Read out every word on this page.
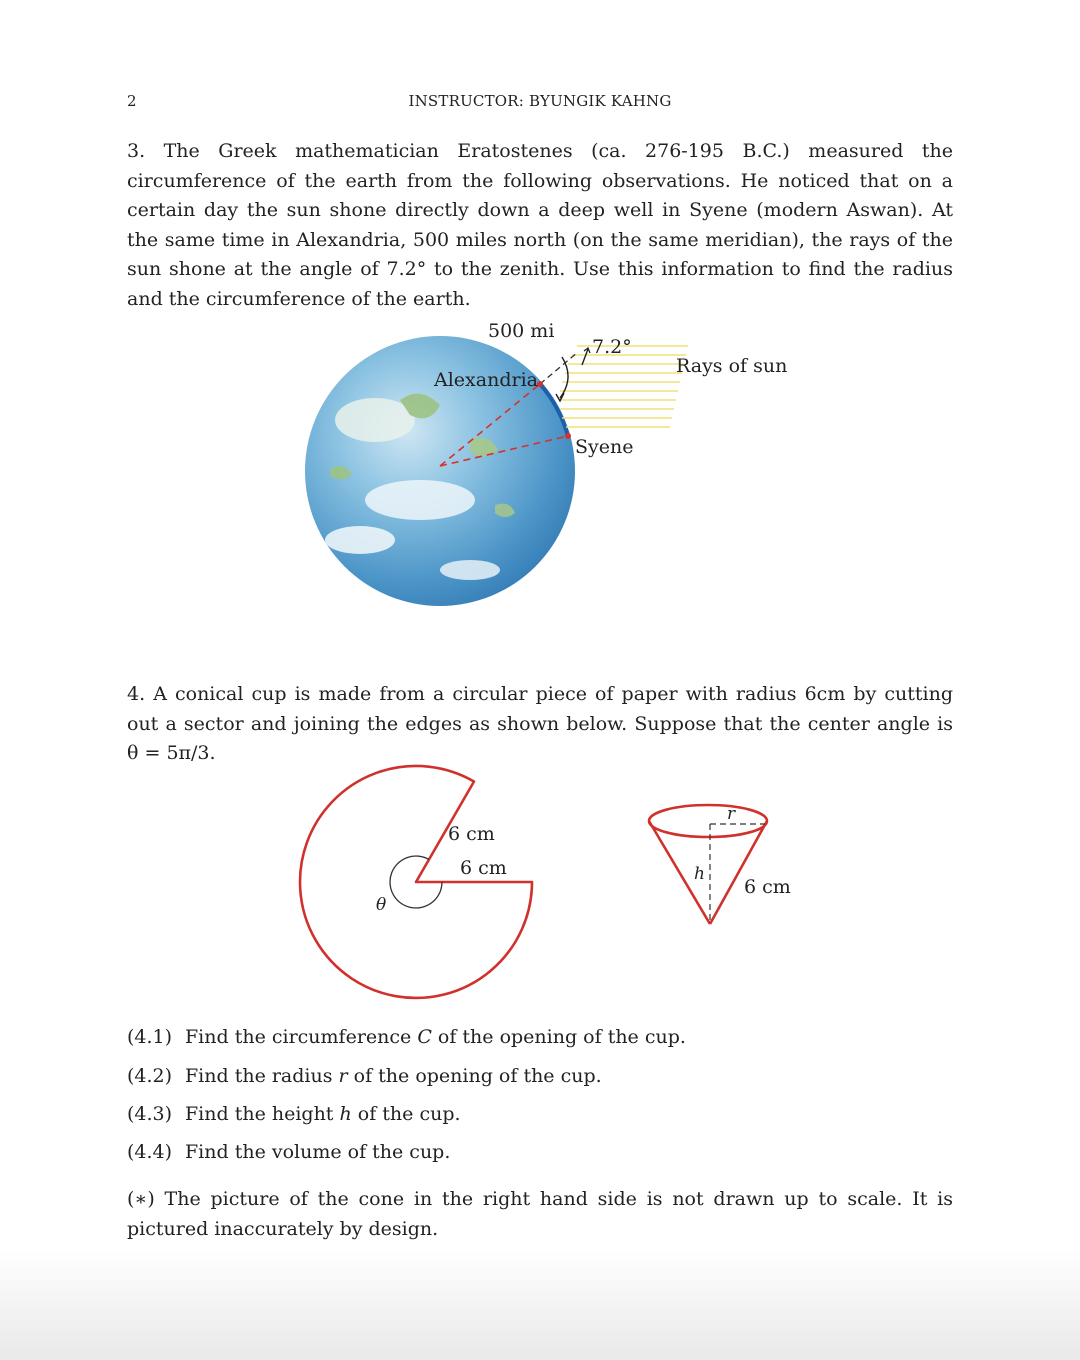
2	INSTRUCTOR: BYUNGIK KAHNG

3. The Greek mathematician Eratostenes (ca. 276-195 B.C.) measured the circumference of the earth from the following observations. He noticed that on a certain day the sun shone directly down a deep well in Syene (modern Aswan). At the same time in Alexandria, 500 miles north (on the same meridian), the rays of the sun shone at the angle of 7.2° to the zenith. Use this information to find the radius and the circumference of the earth.

500 mi
7.2°
Alexandria
Syene
Rays of sun

4. A conical cup is made from a circular piece of paper with radius 6cm by cutting out a sector and joining the edges as shown below. Suppose that the center angle is θ = 5π/3.

θ
6 cm
6 cm
r
h
6 cm
(4.1) Find the circumference C of the opening of the cup.
(4.2) Find the radius r of the opening of the cup.
(4.3) Find the height h of the cup.
(4.4) Find the volume of the cup.

(∗) The picture of the cone in the right hand side is not drawn up to scale. It is pictured inaccurately by design.
